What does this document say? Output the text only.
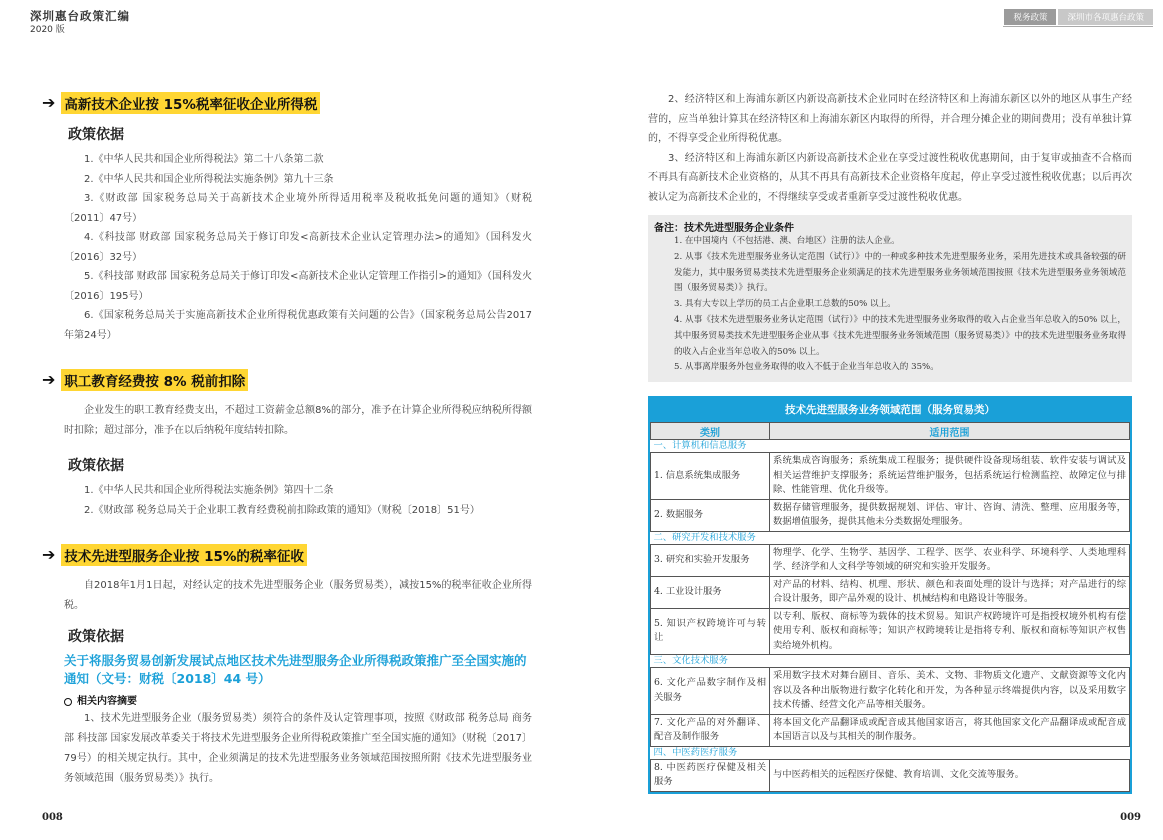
深圳惠台政策汇编
2020 版
税务政策	深圳市各项惠台政策
➔ 高新技术企业按 15%税率征收企业所得税
政策依据
1.《中华人民共和国企业所得税法》第二十八条第二款
2.《中华人民共和国企业所得税法实施条例》第九十三条
3.《财政部 国家税务总局关于高新技术企业境外所得适用税率及税收抵免问题的通知》（财税〔2011〕47号）
4.《科技部 财政部 国家税务总局关于修订印发<高新技术企业认定管理办法>的通知》（国科发火〔2016〕32号）
5.《科技部 财政部 国家税务总局关于修订印发<高新技术企业认定管理工作指引>的通知》（国科发火〔2016〕195号）
6.《国家税务总局关于实施高新技术企业所得税优惠政策有关问题的公告》（国家税务总局公告2017年第24号）
➔ 职工教育经费按 8% 税前扣除
企业发生的职工教育经费支出，不超过工资薪金总额8%的部分，准予在计算企业所得税应纳税所得额时扣除；超过部分，准予在以后纳税年度结转扣除。
政策依据
1.《中华人民共和国企业所得税法实施条例》第四十二条
2.《财政部 税务总局关于企业职工教育经费税前扣除政策的通知》（财税〔2018〕51号）
➔ 技术先进型服务企业按 15%的税率征收
自2018年1月1日起，对经认定的技术先进型服务企业（服务贸易类），减按15%的税率征收企业所得税。
政策依据
关于将服务贸易创新发展试点地区技术先进型服务企业所得税政策推广至全国实施的通知（文号：财税〔2018〕44 号）
相关内容摘要
1、技术先进型服务企业（服务贸易类）须符合的条件及认定管理事项，按照《财政部 税务总局 商务部 科技部 国家发展改革委关于将技术先进型服务企业所得税政策推广至全国实施的通知》（财税〔2017〕79号）的相关规定执行。其中，企业须满足的技术先进型服务业务领域范围按照所附《技术先进型服务业务领域范围（服务贸易类）》执行。
008

2、经济特区和上海浦东新区内新设高新技术企业同时在经济特区和上海浦东新区以外的地区从事生产经营的，应当单独计算其在经济特区和上海浦东新区内取得的所得，并合理分摊企业的期间费用；没有单独计算的，不得享受企业所得税优惠。

3、经济特区和上海浦东新区内新设高新技术企业在享受过渡性税收优惠期间，由于复审或抽查不合格而不再具有高新技术企业资格的，从其不再具有高新技术企业资格年度起，停止享受过渡性税收优惠；以后再次被认定为高新技术企业的，不得继续享受或者重新享受过渡性税收优惠。

备注：技术先进型服务企业条件
1. 在中国境内（不包括港、澳、台地区）注册的法人企业。
2. 从事《技术先进型服务业务认定范围（试行）》中的一种或多种技术先进型服务业务，采用先进技术或具备较强的研发能力，其中服务贸易类技术先进型服务企业须满足的技术先进型服务业务领域范围按照《技术先进型服务业务领域范围（服务贸易类）》执行。
3. 具有大专以上学历的员工占企业职工总数的50% 以上。
4. 从事《技术先进型服务业务认定范围（试行）》中的技术先进型服务业务取得的收入占企业当年总收入的50% 以上，其中服务贸易类技术先进型服务企业从事《技术先进型服务业务领域范围（服务贸易类）》中的技术先进型服务业务取得的收入占企业当年总收入的50% 以上。
5. 从事离岸服务外包业务取得的收入不低于企业当年总收入的 35%。
技术先进型服务业务领域范围（服务贸易类）
类别	适用范围
一、计算机和信息服务	
1. 信息系统集成服务	系统集成咨询服务；系统集成工程服务；提供硬件设备现场组装、软件安装与调试及相关运营维护支撑服务；系统运营维护服务，包括系统运行检测监控、故障定位与排除、性能管理、优化升级等。
2. 数据服务	数据存储管理服务，提供数据规划、评估、审计、咨询、清洗、整理、应用服务等，数据增值服务，提供其他未分类数据处理服务。
二、研究开发和技术服务	
3. 研究和实验开发服务	物理学、化学、生物学、基因学、工程学、医学、农业科学、环境科学、人类地理科学、经济学和人文科学等领域的研究和实验开发服务。
4. 工业设计服务	对产品的材料、结构、机理、形状、颜色和表面处理的设计与选择；对产品进行的综合设计服务，即产品外观的设计、机械结构和电路设计等服务。
5. 知识产权跨境许可与转让	以专利、版权、商标等为载体的技术贸易。知识产权跨境许可是指授权境外机构有偿使用专利、版权和商标等；知识产权跨境转让是指将专利、版权和商标等知识产权售卖给境外机构。
三、文化技术服务	
6. 文化产品数字制作及相关服务	采用数字技术对舞台剧目、音乐、美术、文物、非物质文化遗产、文献资源等文化内容以及各种出版物进行数字化转化和开发，为各种显示终端提供内容，以及采用数字技术传播、经营文化产品等相关服务。
7. 文化产品的对外翻译、配音及制作服务	将本国文化产品翻译成或配音成其他国家语言，将其他国家文化产品翻译成或配音成本国语言以及与其相关的制作服务。
四、中医药医疗服务	
8. 中医药医疗保健及相关服务	与中医药相关的远程医疗保健、教育培训、文化交流等服务。
009
